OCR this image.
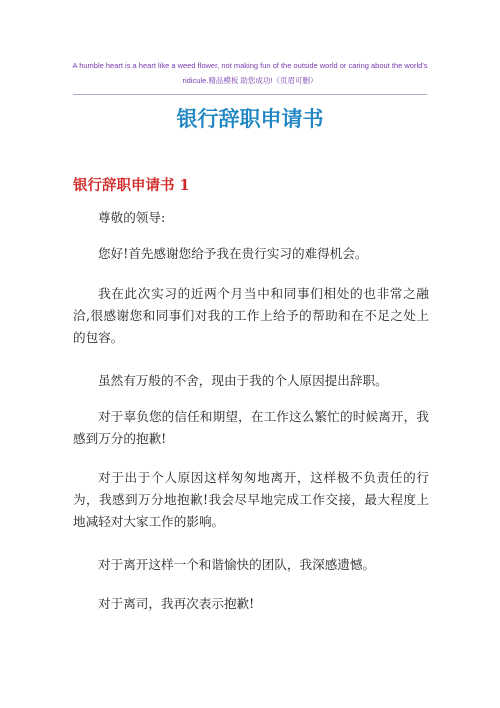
A humble heart is a heart like a weed flower, not making fun of the outside world or caring about the world's
ridicule.精品模板 助您成功!（页眉可删）
银行辞职申请书
银行辞职申请书 1

尊敬的领导:

您好!首先感谢您给予我在贵行实习的难得机会。

我在此次实习的近两个月当中和同事们相处的也非常之融洽,很感谢您和同事们对我的工作上给予的帮助和在不足之处上的包容。

虽然有万般的不舍，现由于我的个人原因提出辞职。

对于辜负您的信任和期望，在工作这么繁忙的时候离开，我感到万分的抱歉!

对于出于个人原因这样匆匆地离开，这样极不负责任的行为，我感到万分地抱歉!我会尽早地完成工作交接，最大程度上地减轻对大家工作的影响。

对于离开这样一个和谐愉快的团队，我深感遗憾。

对于离司，我再次表示抱歉!
